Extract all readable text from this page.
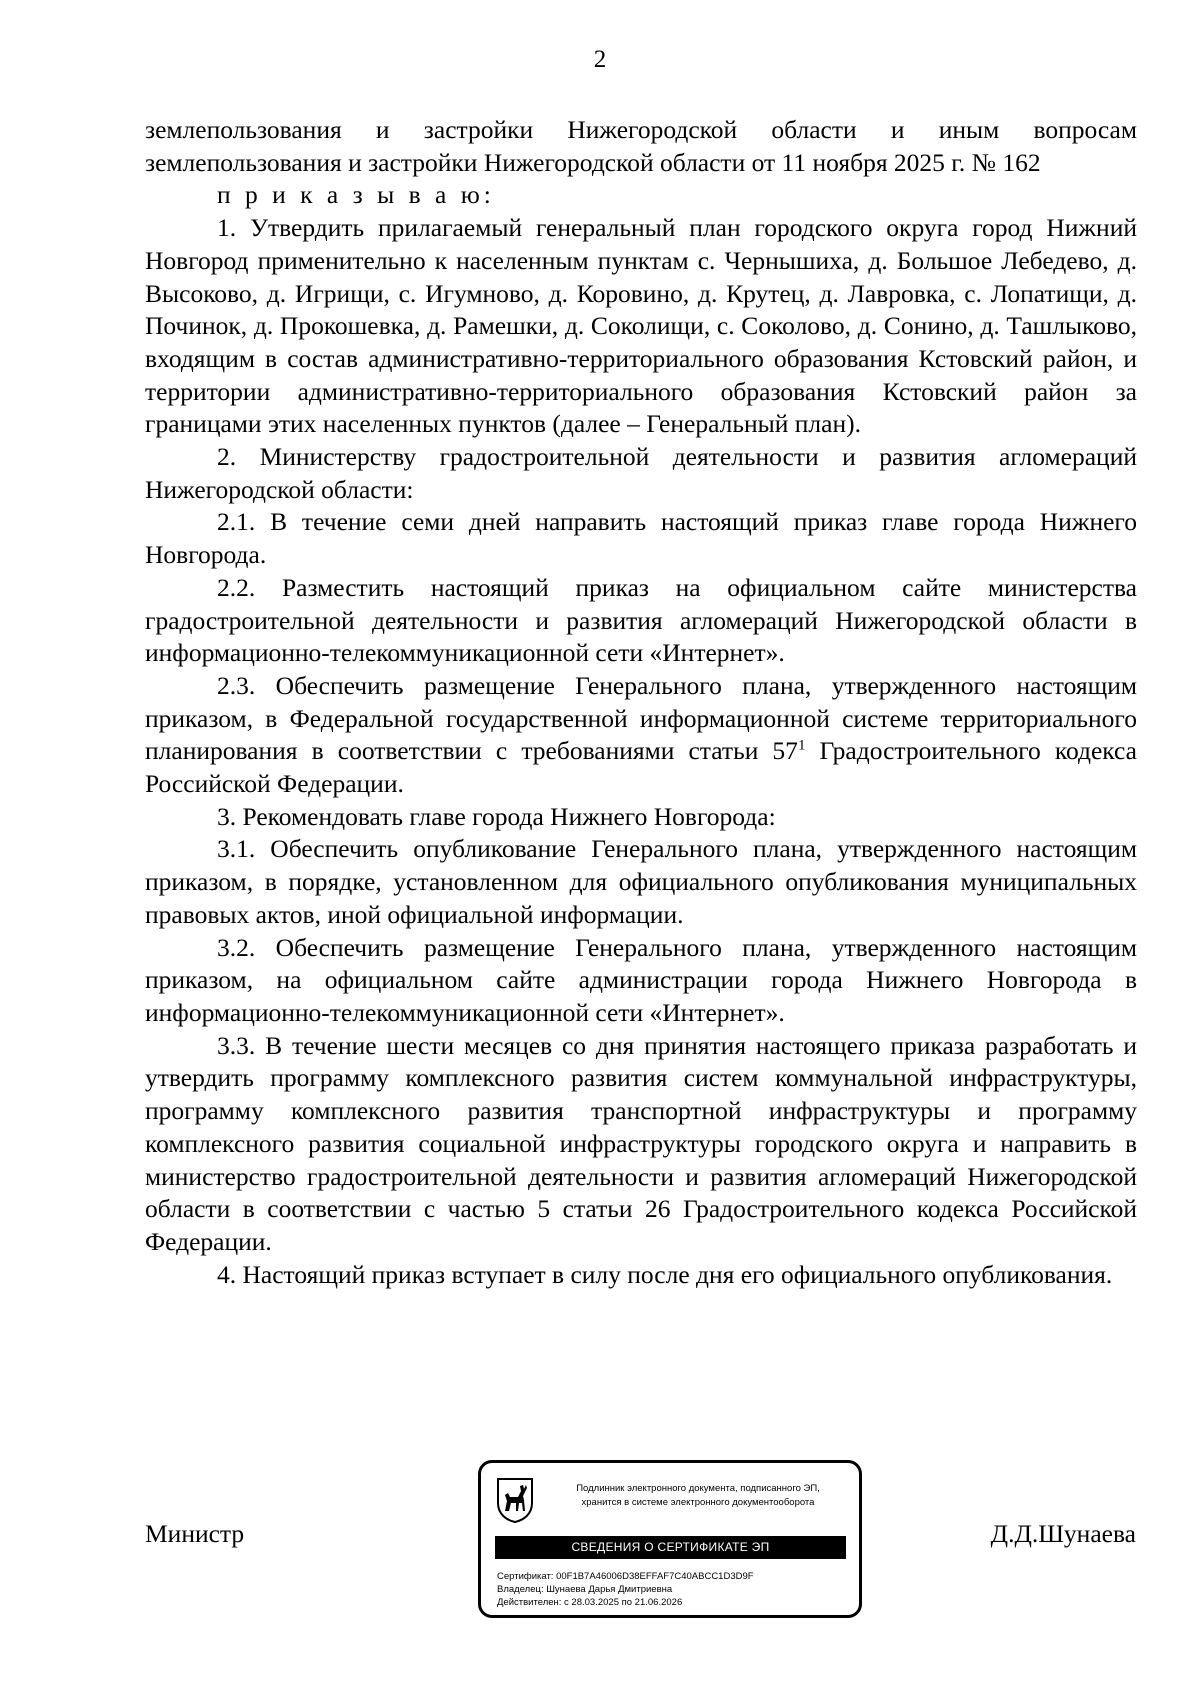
2

землепользования и застройки Нижегородской области и иным вопросам землепользования и застройки Нижегородской области от 11 ноября 2025 г. № 162

п р и к а з ы в а ю:

1. Утвердить прилагаемый генеральный план городского округа город Нижний Новгород применительно к населенным пунктам с. Чернышиха, д. Большое Лебедево, д. Высоково, д. Игрищи, с. Игумново, д. Коровино, д. Крутец, д. Лавровка, с. Лопатищи, д. Починок, д. Прокошевка, д. Рамешки, д. Соколищи, с. Соколово, д. Сонино, д. Ташлыково, входящим в состав административно-территориального образования Кстовский район, и территории административно-территориального образования Кстовский район за границами этих населенных пунктов (далее – Генеральный план).

2. Министерству градостроительной деятельности и развития агломераций Нижегородской области:

2.1. В течение семи дней направить настоящий приказ главе города Нижнего Новгорода.

2.2. Разместить настоящий приказ на официальном сайте министерства градостроительной деятельности и развития агломераций Нижегородской области в информационно-телекоммуникационной сети «Интернет».

2.3. Обеспечить размещение Генерального плана, утвержденного настоящим приказом, в Федеральной государственной информационной системе территориального планирования в соответствии с требованиями статьи $57^1$ Градостроительного кодекса Российской Федерации.

3. Рекомендовать главе города Нижнего Новгорода:

3.1. Обеспечить опубликование Генерального плана, утвержденного настоящим приказом, в порядке, установленном для официального опубликования муниципальных правовых актов, иной официальной информации.

3.2. Обеспечить размещение Генерального плана, утвержденного настоящим приказом, на официальном сайте администрации города Нижнего Новгорода в информационно-телекоммуникационной сети «Интернет».

3.3. В течение шести месяцев со дня принятия настоящего приказа разработать и утвердить программу комплексного развития систем коммунальной инфраструктуры, программу комплексного развития транспортной инфраструктуры и программу комплексного развития социальной инфраструктуры городского округа и направить в министерство градостроительной деятельности и развития агломераций Нижегородской области в соответствии с частью 5 статьи 26 Градостроительного кодекса Российской Федерации.

4. Настоящий приказ вступает в силу после дня его официального опубликования.

Министр	Д.Д.Шунаева
Подлинник электронного документа, подписанного ЭП,
хранится в системе электронного документооборота
СВЕДЕНИЯ О СЕРТИФИКАТЕ ЭП
Сертификат: 00F1B7A46006D38EFFAF7C40ABCC1D3D9F
Владелец: Шунаева Дарья Дмитриевна
Действителен: с 28.03.2025 по 21.06.2026
